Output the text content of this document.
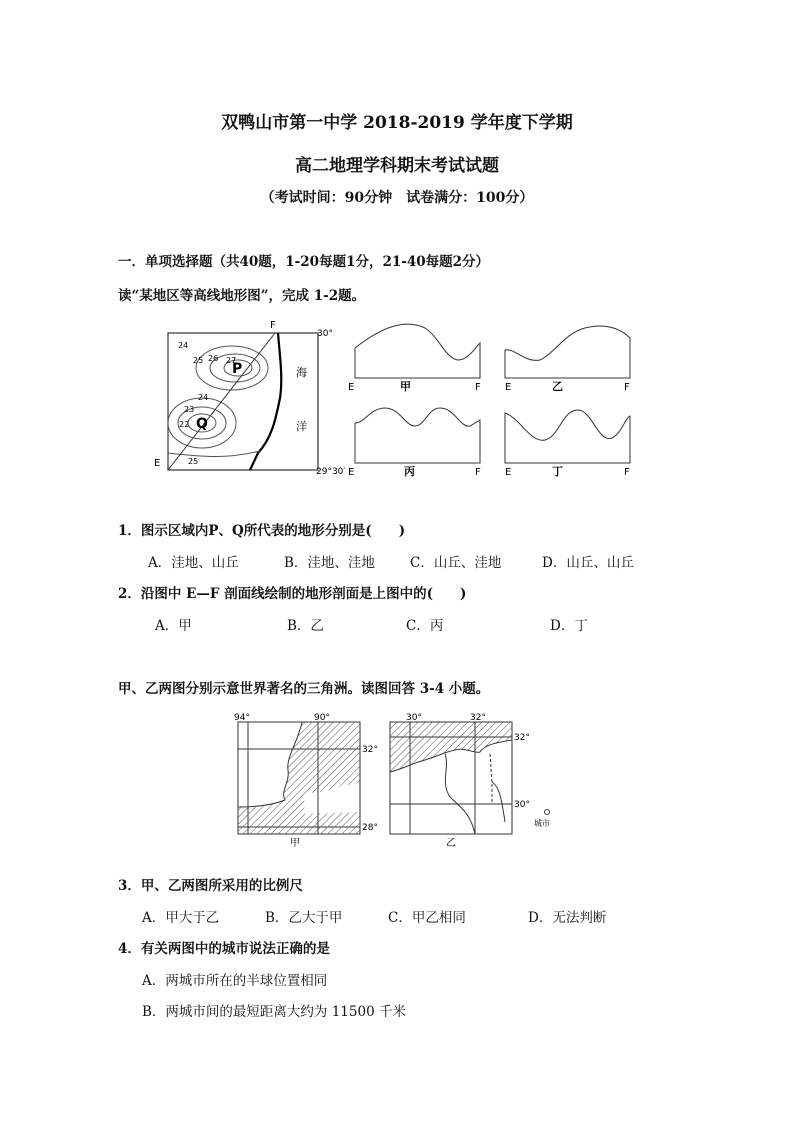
双鸭山市第一中学 2018-2019 学年度下学期
高二地理学科期末考试试题
（考试时间：90分钟　试卷满分：100分）
一．单项选择题（共40题，1-20每题1分，21-40每题2分）
读“某地区等高线地形图”，完成 1-2题。
F
E
30°
29°30′
P
Q
海
洋
24
25 26 27
24
23
22
25
E	甲	F E	乙	F
E	丙	F E	丁	F
1．图示区域内P、Q所代表的地形分别是(　　)
A．洼地、山丘	B．洼地、洼地	C．山丘、洼地	D．山丘、山丘
2．沿图中 E—F 剖面线绘制的地形剖面是上图中的(　　)
A．甲	B．乙	C．丙	D．丁
甲、乙两图分别示意世界著名的三角洲。读图回答 3-4 小题。
94°	90°
32°
28°
甲
30°	32°
32°
30°
城市
乙
3．甲、乙两图所采用的比例尺
A．甲大于乙	B．乙大于甲	C．甲乙相同	D．无法判断
4．有关两图中的城市说法正确的是
A．两城市所在的半球位置相同
B．两城市间的最短距离大约为 11500 千米
